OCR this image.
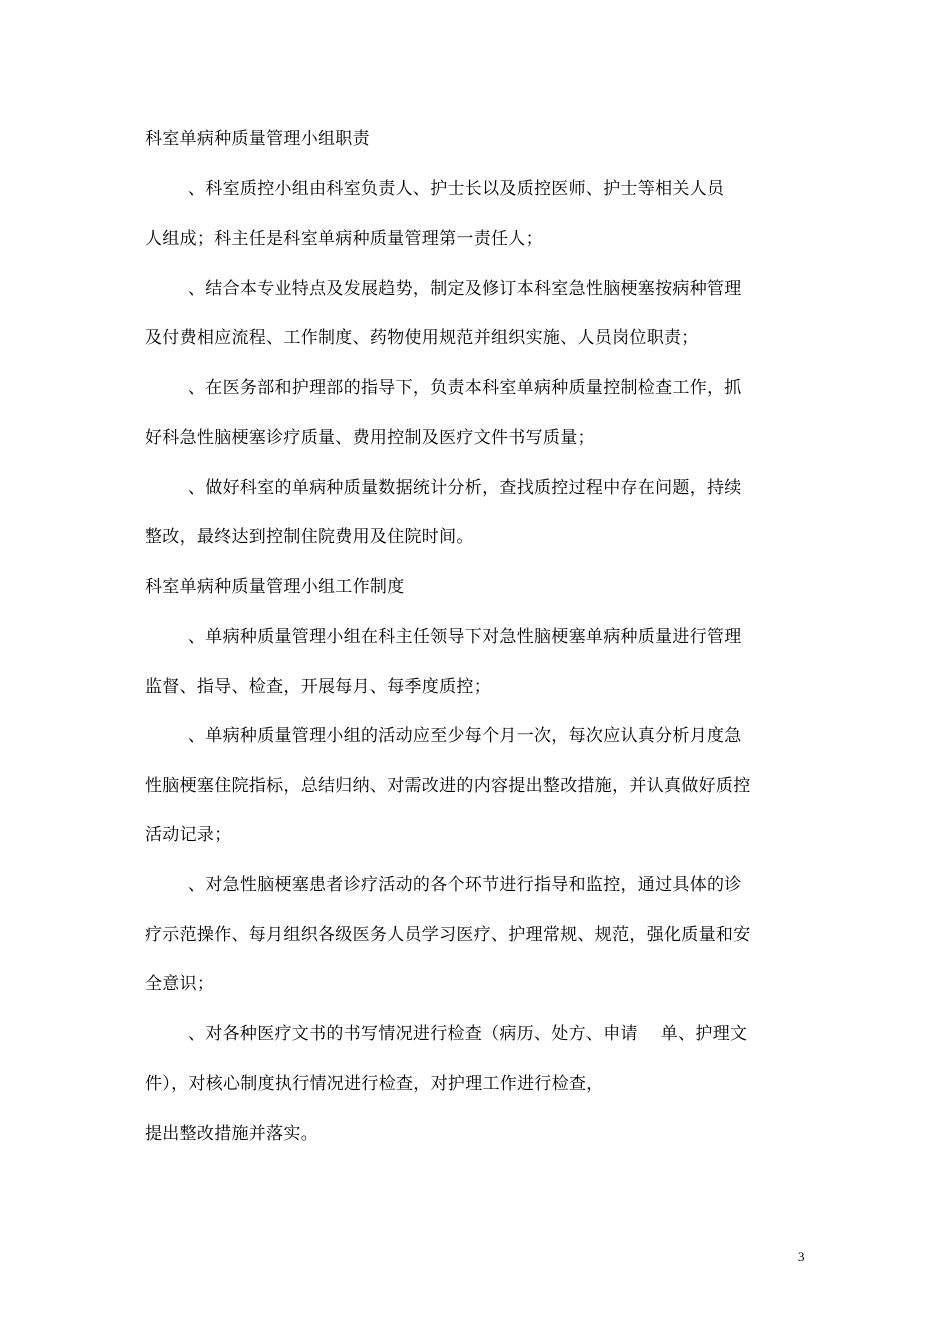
科室单病种质量管理小组职责
、科室质控小组由科室负责人、护士长以及质控医师、护士等相关人员
人组成；科主任是科室单病种质量管理第一责任人；
、结合本专业特点及发展趋势，制定及修订本科室急性脑梗塞按病种管理
及付费相应流程、工作制度、药物使用规范并组织实施、人员岗位职责；
、在医务部和护理部的指导下，负责本科室单病种质量控制检查工作，抓
好科急性脑梗塞诊疗质量、费用控制及医疗文件书写质量；
、做好科室的单病种质量数据统计分析，查找质控过程中存在问题，持续
整改，最终达到控制住院费用及住院时间。
科室单病种质量管理小组工作制度
、单病种质量管理小组在科主任领导下对急性脑梗塞单病种质量进行管理
监督、指导、检查，开展每月、每季度质控；
、单病种质量管理小组的活动应至少每个月一次，每次应认真分析月度急
性脑梗塞住院指标，总结归纳、对需改进的内容提出整改措施，并认真做好质控
活动记录；
、对急性脑梗塞患者诊疗活动的各个环节进行指导和监控，通过具体的诊
疗示范操作、每月组织各级医务人员学习医疗、护理常规、规范，强化质量和安
全意识；
、对各种医疗文书的书写情况进行检查（病历、处方、申请　 单、护理文
件），对核心制度执行情况进行检查，对护理工作进行检查，
提出整改措施并落实。
3
